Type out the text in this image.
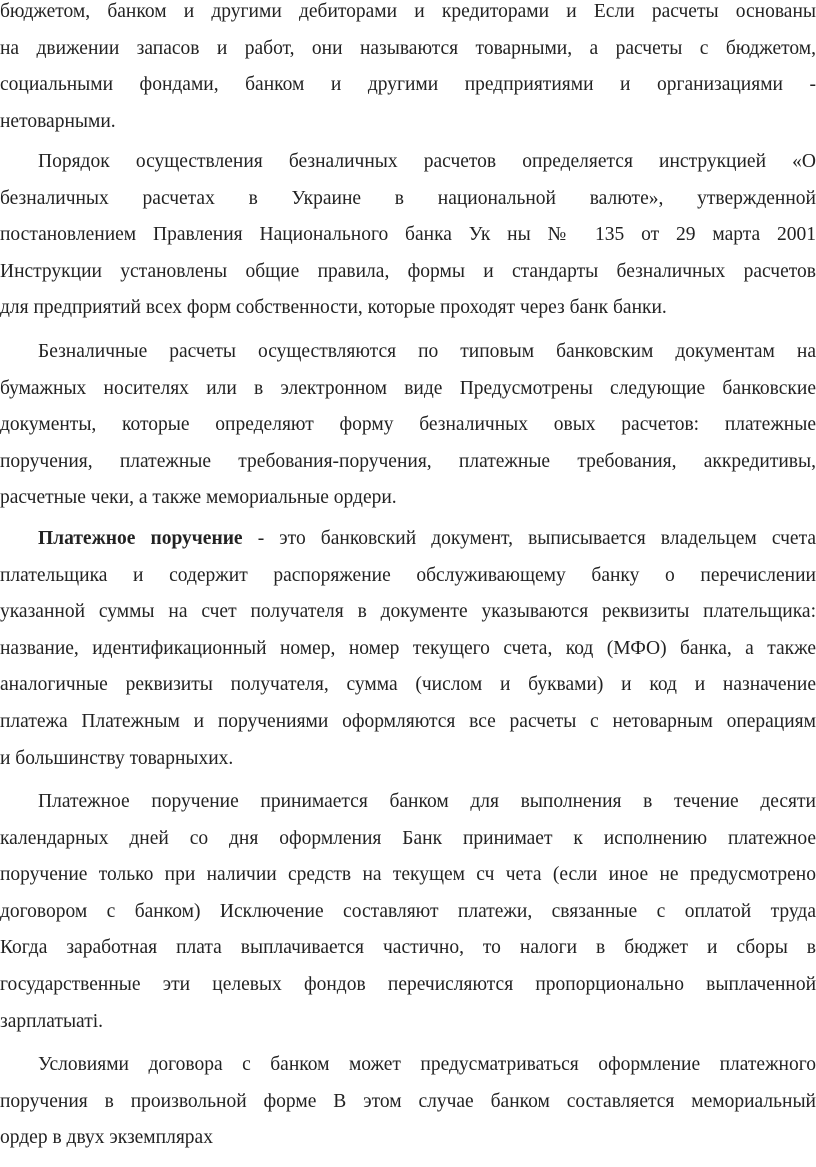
бюджетом, банком и другими дебиторами и кредиторами и Если расчеты основаны
на движении запасов и работ, они называются товарными, а расчеты с бюджетом,
социальными фондами, банком и другими предприятиями и организациями -
нетоварными.
Порядок осуществления безналичных расчетов определяется инструкцией «О
безналичных расчетах в Украине в национальной валюте», утвержденной
постановлением Правления Национального банка Ук ны № 135 от 29 марта 2001
Инструкции установлены общие правила, формы и стандарты безналичных расчетов
для предприятий всех форм собственности, которые проходят через банк банки.
Безналичные расчеты осуществляются по типовым банковским документам на
бумажных носителях или в электронном виде Предусмотрены следующие банковские
документы, которые определяют форму безналичных овых расчетов: платежные
поручения, платежные требования-поручения, платежные требования, аккредитивы,
расчетные чеки, а также мемориальные ордери.
Платежное поручение - это банковский документ, выписывается владельцем счета
плательщика и содержит распоряжение обслуживающему банку о перечислении
указанной суммы на счет получателя в документе указываются реквизиты плательщика:
название, идентификационный номер, номер текущего счета, код (МФО) банка, а также
аналогичные реквизиты получателя, сумма (числом и буквами) и код и назначение
платежа Платежным и поручениями оформляются все расчеты с нетоварным операциям
и большинству товарныхих.
Платежное поручение принимается банком для выполнения в течение десяти
календарных дней со дня оформления Банк принимает к исполнению платежное
поручение только при наличии средств на текущем сч чета (если иное не предусмотрено
договором с банком) Исключение составляют платежи, связанные с оплатой труда
Когда заработная плата выплачивается частично, то налоги в бюджет и сборы в
государственные эти целевых фондов перечисляются пропорционально выплаченной
зарплатыаті.
Условиями договора с банком может предусматриваться оформление платежного
поручения в произвольной форме В этом случае банком составляется мемориальный
ордер в двух экземплярах
